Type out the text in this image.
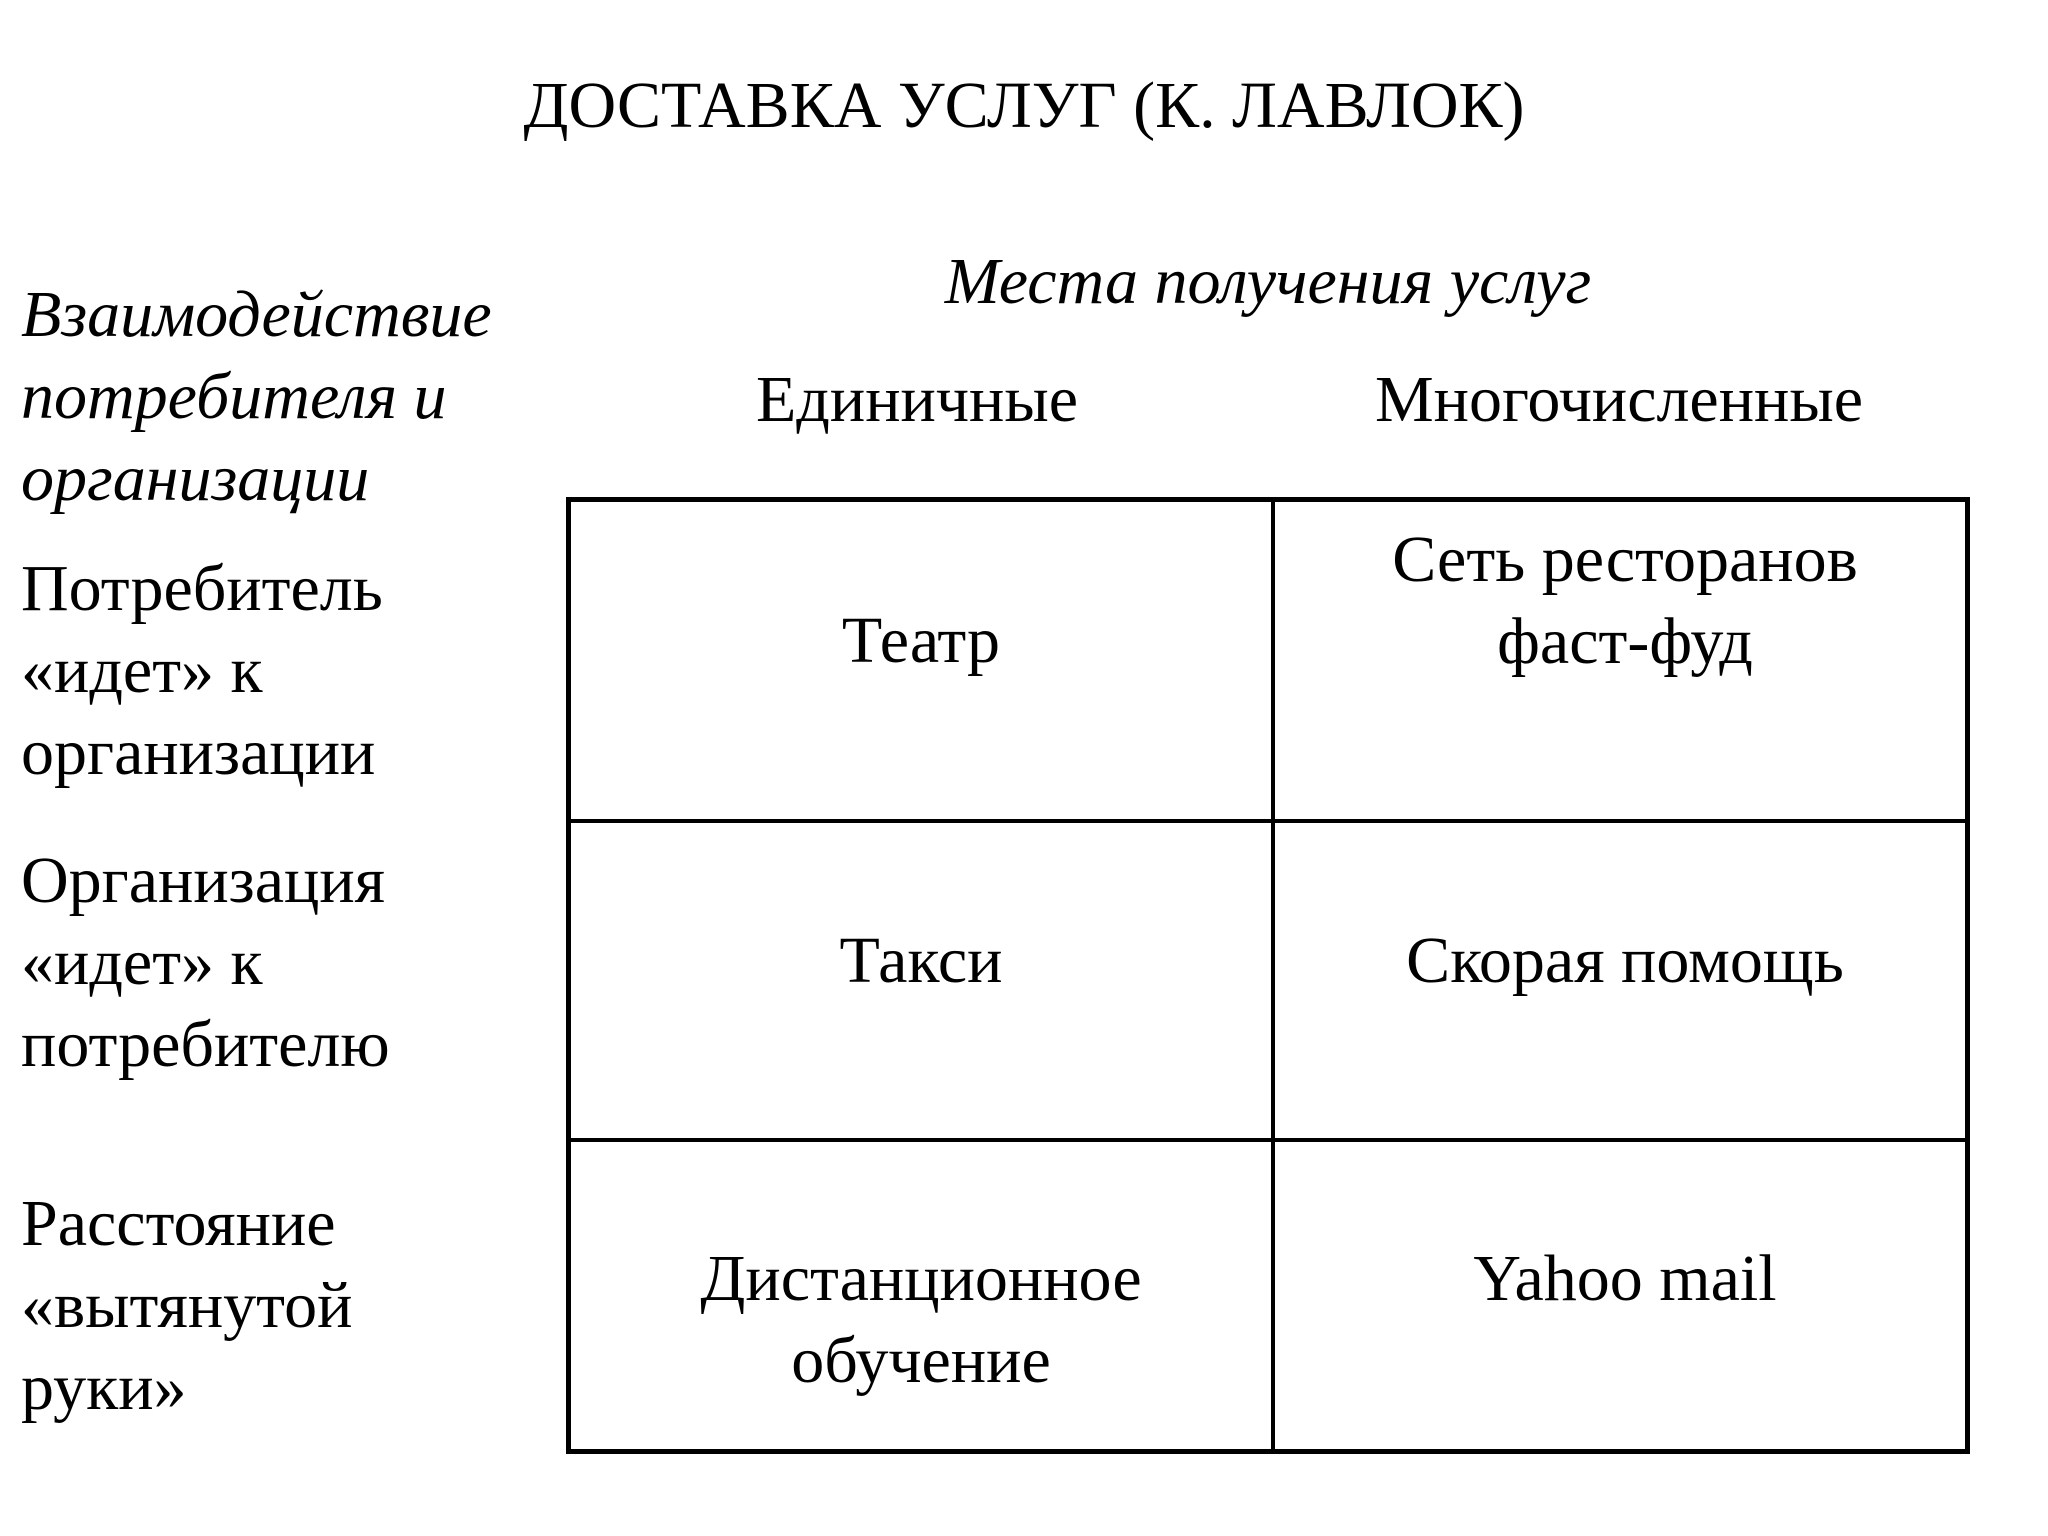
ДОСТАВКА УСЛУГ (К. ЛАВЛОК)
Места получения услуг
Единичные	Многочисленные
Взаимодействие
потребителя и
организации
Потребитель
«идет» к
организации
Организация
«идет» к
потребителю
Расстояние
«вытянутой
руки»
Театр
Сеть ресторанов
фаст-фуд
Такси	Скорая помощь
Дистанционное
обучение
Yahoo mail
